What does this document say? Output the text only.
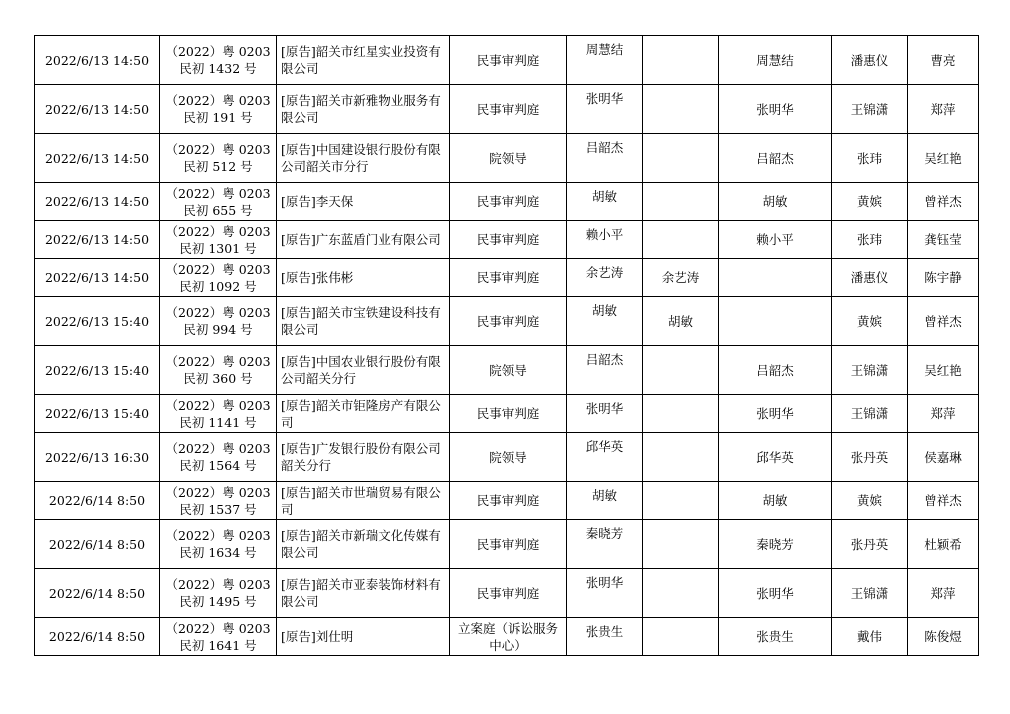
2022/6/13 14:50	（2022）粤 0203 民初 1432 号	[原告]韶关市红星实业投资有限公司	民事审判庭	周慧结		周慧结	潘惠仪	曹亮
2022/6/13 14:50	（2022）粤 0203 民初 191 号	[原告]韶关市新雅物业服务有限公司	民事审判庭	张明华		张明华	王锦潇	郑萍
2022/6/13 14:50	（2022）粤 0203 民初 512 号	[原告]中国建设银行股份有限公司韶关市分行	院领导	吕韶杰		吕韶杰	张玮	吴红艳
2022/6/13 14:50	（2022）粤 0203 民初 655 号	[原告]李天保	民事审判庭	胡敏		胡敏	黄嫔	曾祥杰
2022/6/13 14:50	（2022）粤 0203 民初 1301 号	[原告]广东蓝盾门业有限公司	民事审判庭	赖小平		赖小平	张玮	龚钰莹
2022/6/13 14:50	（2022）粤 0203 民初 1092 号	[原告]张伟彬	民事审判庭	余艺涛	余艺涛		潘惠仪	陈宇静
2022/6/13 15:40	（2022）粤 0203 民初 994 号	[原告]韶关市宝铁建设科技有限公司	民事审判庭	胡敏	胡敏		黄嫔	曾祥杰
2022/6/13 15:40	（2022）粤 0203 民初 360 号	[原告]中国农业银行股份有限公司韶关分行	院领导	吕韶杰		吕韶杰	王锦潇	吴红艳
2022/6/13 15:40	（2022）粤 0203 民初 1141 号	[原告]韶关市钜隆房产有限公司	民事审判庭	张明华		张明华	王锦潇	郑萍
2022/6/13 16:30	（2022）粤 0203 民初 1564 号	[原告]广发银行股份有限公司韶关分行	院领导	邱华英		邱华英	张丹英	侯嘉琳
2022/6/14 8:50	（2022）粤 0203 民初 1537 号	[原告]韶关市世瑞贸易有限公司	民事审判庭	胡敏		胡敏	黄嫔	曾祥杰
2022/6/14 8:50	（2022）粤 0203 民初 1634 号	[原告]韶关市新瑞文化传媒有限公司	民事审判庭	秦晓芳		秦晓芳	张丹英	杜颖希
2022/6/14 8:50	（2022）粤 0203 民初 1495 号	[原告]韶关市亚泰装饰材料有限公司	民事审判庭	张明华		张明华	王锦潇	郑萍
2022/6/14 8:50	（2022）粤 0203 民初 1641 号	[原告]刘仕明	立案庭（诉讼服务中心）	张贵生		张贵生	戴伟	陈俊煜
